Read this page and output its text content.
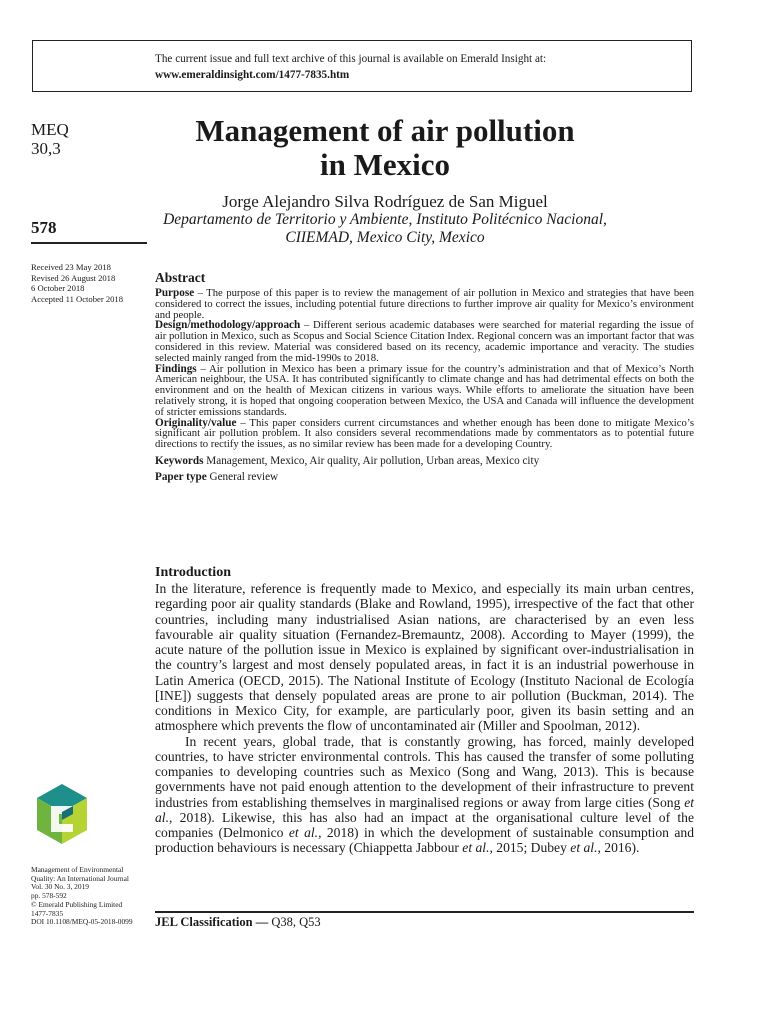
The current issue and full text archive of this journal is available on Emerald Insight at:
www.emeraldinsight.com/1477-7835.htm
MEQ
30,3
578
Received 23 May 2018
Revised 26 August 2018
6 October 2018
Accepted 11 October 2018
Management of air pollution
in Mexico
Jorge Alejandro Silva Rodríguez de San Miguel
Departamento de Territorio y Ambiente, Instituto Politécnico Nacional,
CIIEMAD, Mexico City, Mexico
Abstract

Purpose – The purpose of this paper is to review the management of air pollution in Mexico and strategies that have been considered to correct the issues, including potential future directions to further improve air quality for Mexico’s environment and people.

Design/methodology/approach – Different serious academic databases were searched for material regarding the issue of air pollution in Mexico, such as Scopus and Social Science Citation Index. Regional concern was an important factor that was considered in this review. Material was considered based on its recency, academic importance and veracity. The studies selected mainly ranged from the mid-1990s to 2018.

Findings – Air pollution in Mexico has been a primary issue for the country’s administration and that of Mexico’s North American neighbour, the USA. It has contributed significantly to climate change and has had detrimental effects on both the environment and on the health of Mexican citizens in various ways. While efforts to ameliorate the situation have been relatively strong, it is hoped that ongoing cooperation between Mexico, the USA and Canada will influence the development of stricter emissions standards.

Originality/value – This paper considers current circumstances and whether enough has been done to mitigate Mexico’s significant air pollution problem. It also considers several recommendations made by commentators as to potential future directions to rectify the issues, as no similar review has been made for a developing Country.

Keywords Management, Mexico, Air quality, Air pollution, Urban areas, Mexico city
Paper type General review
Introduction

In the literature, reference is frequently made to Mexico, and especially its main urban centres, regarding poor air quality standards (Blake and Rowland, 1995), irrespective of the fact that other countries, including many industrialised Asian nations, are characterised by an even less favourable air quality situation (Fernandez-Bremauntz, 2008). According to Mayer (1999), the acute nature of the pollution issue in Mexico is explained by significant over-industrialisation in the country’s largest and most densely populated areas, in fact it is an industrial powerhouse in Latin America (OECD, 2015). The National Institute of Ecology (Instituto Nacional de Ecología [INE]) suggests that densely populated areas are prone to air pollution (Buckman, 2014). The conditions in Mexico City, for example, are particularly poor, given its basin setting and an atmosphere which prevents the flow of uncontaminated air (Miller and Spoolman, 2012).

In recent years, global trade, that is constantly growing, has forced, mainly developed countries, to have stricter environmental controls. This has caused the transfer of some polluting companies to developing countries such as Mexico (Song and Wang, 2013). This is because governments have not paid enough attention to the development of their infrastructure to prevent industries from establishing themselves in marginalised regions or away from large cities (Song et al., 2018). Likewise, this has also had an impact at the organisational culture level of the companies (Delmonico et al., 2018) in which the development of sustainable consumption and production behaviours is necessary (Chiappetta Jabbour et al., 2015; Dubey et al., 2016).

Management of Environmental
Quality: An International Journal
Vol. 30 No. 3, 2019
pp. 578-592
© Emerald Publishing Limited
1477-7835
DOI 10.1108/MEQ-05-2018-0099	JEL Classification — Q38, Q53
